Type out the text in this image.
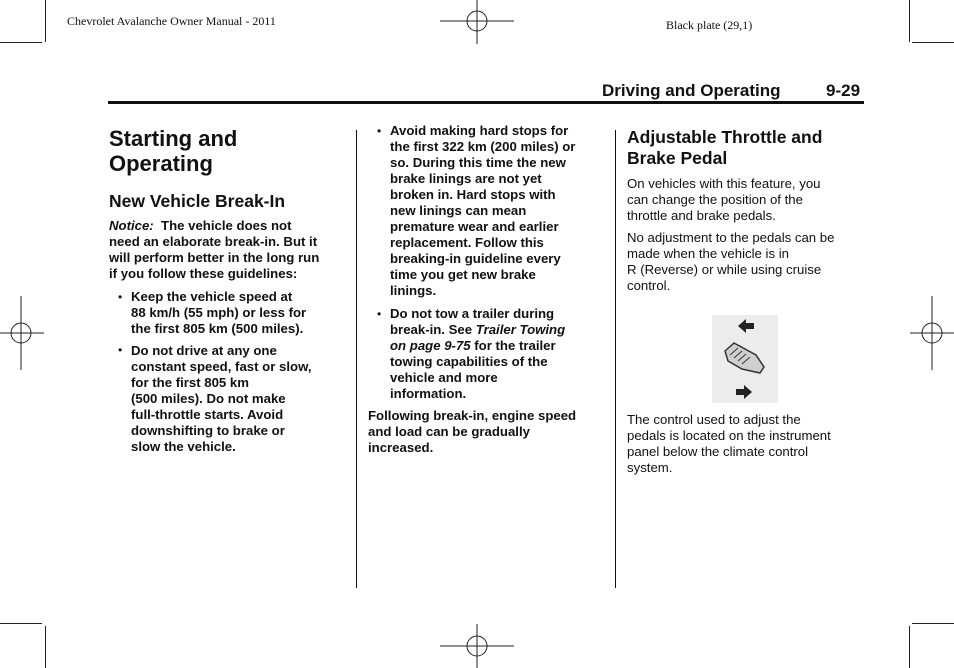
Chevrolet Avalanche Owner Manual - 2011	Black plate (29,1)
Driving and Operating	9-29
Starting and
Operating
New Vehicle Break-In
Notice: The vehicle does not
need an elaborate break-in. But it
will perform better in the long run
if you follow these guidelines:
• Keep the vehicle speed at
88 km/h (55 mph) or less for
the first 805 km (500 miles).
• Do not drive at any one
constant speed, fast or slow,
for the first 805 km
(500 miles). Do not make
full-throttle starts. Avoid
downshifting to brake or
slow the vehicle.
• Avoid making hard stops for
the first 322 km (200 miles) or
so. During this time the new
brake linings are not yet
broken in. Hard stops with
new linings can mean
premature wear and earlier
replacement. Follow this
breaking-in guideline every
time you get new brake
linings.
• Do not tow a trailer during
break-in. See Trailer Towing
on page 9-75 for the trailer
towing capabilities of the
vehicle and more
information.
Following break-in, engine speed
and load can be gradually
increased.
Adjustable Throttle and
Brake Pedal
On vehicles with this feature, you
can change the position of the
throttle and brake pedals.
No adjustment to the pedals can be
made when the vehicle is in
R (Reverse) or while using cruise
control.
The control used to adjust the
pedals is located on the instrument
panel below the climate control
system.
